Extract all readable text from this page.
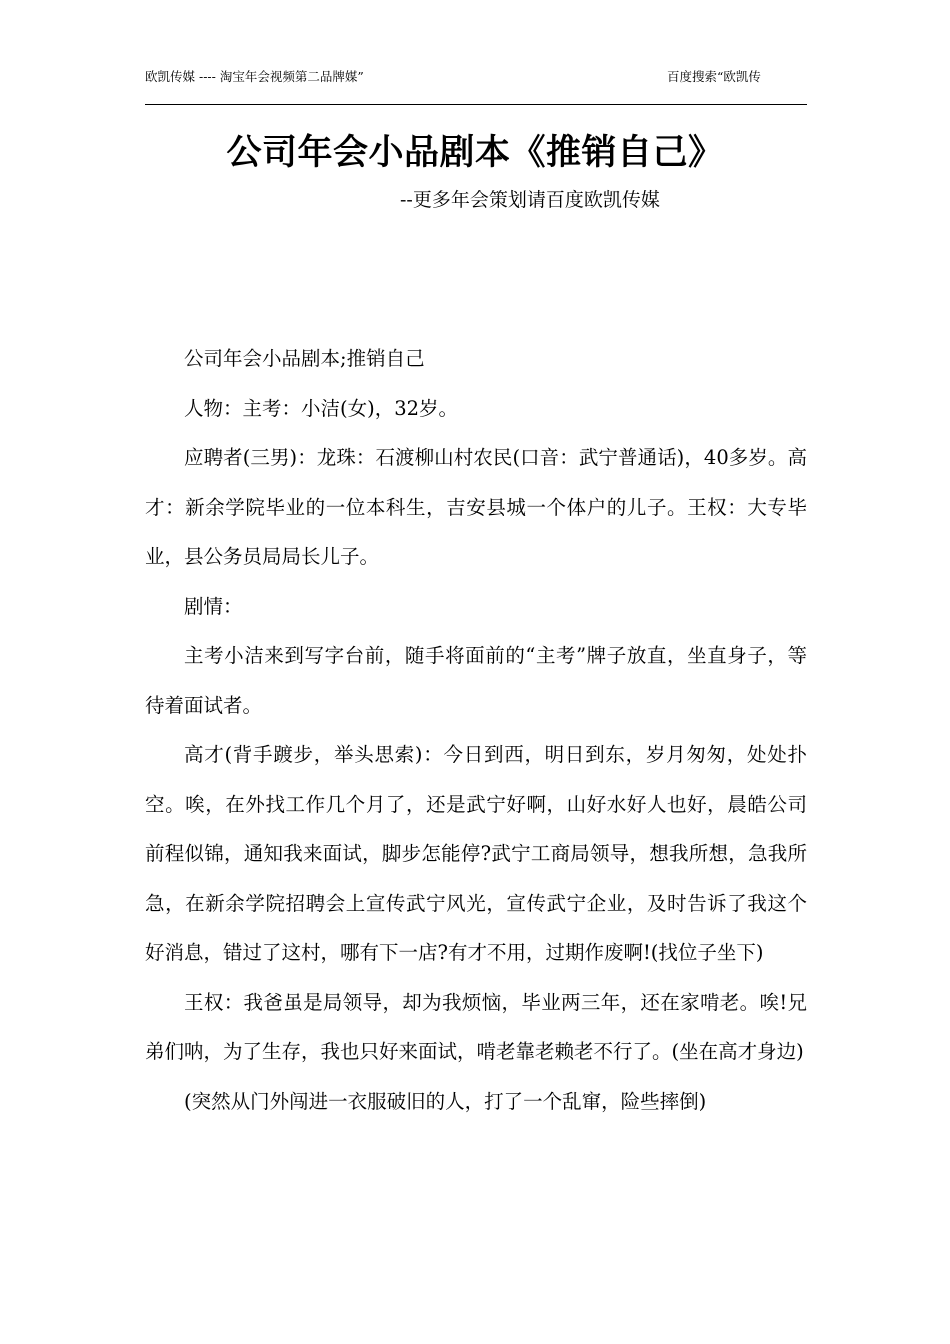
欧凯传媒 ---- 淘宝年会视频第二品牌媒”	百度搜索“欧凯传
公司年会小品剧本《推销自己》
--更多年会策划请百度欧凯传媒

公司年会小品剧本;推销自己

人物：主考：小洁(女)，32岁。

应聘者(三男)：龙珠：石渡柳山村农民(口音：武宁普通话)，40多岁。高才：新余学院毕业的一位本科生，吉安县城一个体户的儿子。王权：大专毕业，县公务员局局长儿子。

剧情：

主考小洁来到写字台前，随手将面前的“主考”牌子放直，坐直身子，等待着面试者。

高才(背手踱步，举头思索)：今日到西，明日到东，岁月匆匆，处处扑空。唉，在外找工作几个月了，还是武宁好啊，山好水好人也好，晨皓公司前程似锦，通知我来面试，脚步怎能停?武宁工商局领导，想我所想，急我所急，在新余学院招聘会上宣传武宁风光，宣传武宁企业，及时告诉了我这个好消息，错过了这村，哪有下一店?有才不用，过期作废啊!(找位子坐下)

王权：我爸虽是局领导，却为我烦恼，毕业两三年，还在家啃老。唉!兄弟们呐，为了生存，我也只好来面试，啃老靠老赖老不行了。(坐在高才身边)

(突然从门外闯进一衣服破旧的人，打了一个乱窜，险些摔倒)
